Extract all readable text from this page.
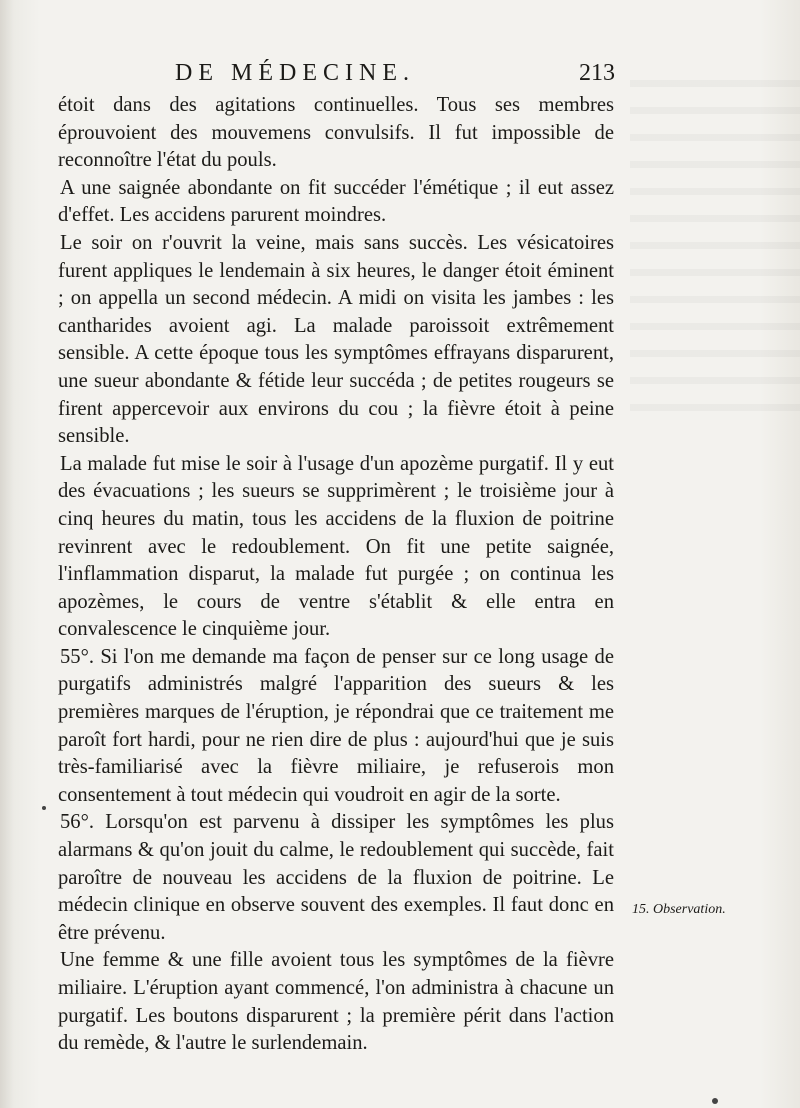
DE MÉDECINE.	213

étoit dans des agitations continuelles. Tous ses membres éprouvoient des mouvemens convulsifs. Il fut impossible de reconnoître l'état du pouls.

A une saignée abondante on fit succéder l'émétique ; il eut assez d'effet. Les accidens parurent moindres.

Le soir on r'ouvrit la veine, mais sans succès. Les vésicatoires furent appliques le lendemain à six heures, le danger étoit éminent ; on appella un second médecin. A midi on visita les jambes : les cantharides avoient agi. La malade paroissoit extrêmement sensible. A cette époque tous les symptômes effrayans disparurent, une sueur abondante & fétide leur succéda ; de petites rougeurs se firent appercevoir aux environs du cou ; la fièvre étoit à peine sensible.

La malade fut mise le soir à l'usage d'un apozème purgatif. Il y eut des évacuations ; les sueurs se supprimèrent ; le troisième jour à cinq heures du matin, tous les accidens de la fluxion de poitrine revinrent avec le redoublement. On fit une petite saignée, l'inflammation disparut, la malade fut purgée ; on continua les apozèmes, le cours de ventre s'établit & elle entra en convalescence le cinquième jour.

55°. Si l'on me demande ma façon de penser sur ce long usage de purgatifs administrés malgré l'apparition des sueurs & les premières marques de l'éruption, je répondrai que ce traitement me paroît fort hardi, pour ne rien dire de plus : aujourd'hui que je suis très-familiarisé avec la fièvre miliaire, je refuserois mon consentement à tout médecin qui voudroit en agir de la sorte.

56°. Lorsqu'on est parvenu à dissiper les symptômes les plus alarmans & qu'on jouit du calme, le redoublement qui succède, fait paroître de nouveau les accidens de la fluxion de poitrine. Le médecin clinique en observe souvent des exemples. Il faut donc en être prévenu.

Une femme & une fille avoient tous les symptômes de la fièvre miliaire. L'éruption ayant commencé, l'on administra à chacune un purgatif. Les boutons disparurent ; la première périt dans l'action du remède, & l'autre le surlendemain.

15. Observation.
